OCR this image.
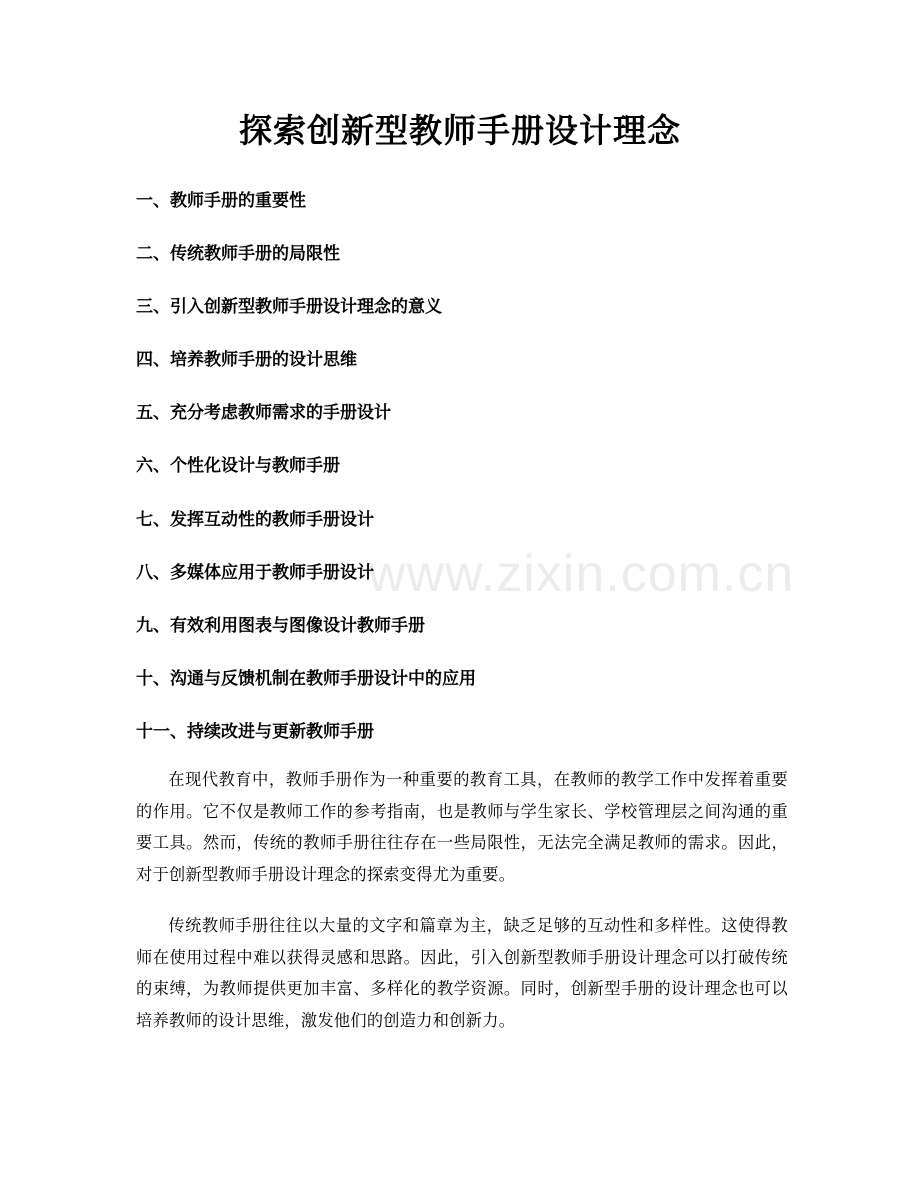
www.zixin.com.cn
探索创新型教师手册设计理念
一、教师手册的重要性
二、传统教师手册的局限性
三、引入创新型教师手册设计理念的意义
四、培养教师手册的设计思维
五、充分考虑教师需求的手册设计
六、个性化设计与教师手册
七、发挥互动性的教师手册设计
八、多媒体应用于教师手册设计
九、有效利用图表与图像设计教师手册
十、沟通与反馈机制在教师手册设计中的应用
十一、持续改进与更新教师手册

在现代教育中，教师手册作为一种重要的教育工具，在教师的教学工作中发挥着重要的作用。它不仅是教师工作的参考指南，也是教师与学生家长、学校管理层之间沟通的重要工具。然而，传统的教师手册往往存在一些局限性，无法完全满足教师的需求。因此，对于创新型教师手册设计理念的探索变得尤为重要。

传统教师手册往往以大量的文字和篇章为主，缺乏足够的互动性和多样性。这使得教师在使用过程中难以获得灵感和思路。因此，引入创新型教师手册设计理念可以打破传统的束缚，为教师提供更加丰富、多样化的教学资源。同时，创新型手册的设计理念也可以培养教师的设计思维，激发他们的创造力和创新力。
